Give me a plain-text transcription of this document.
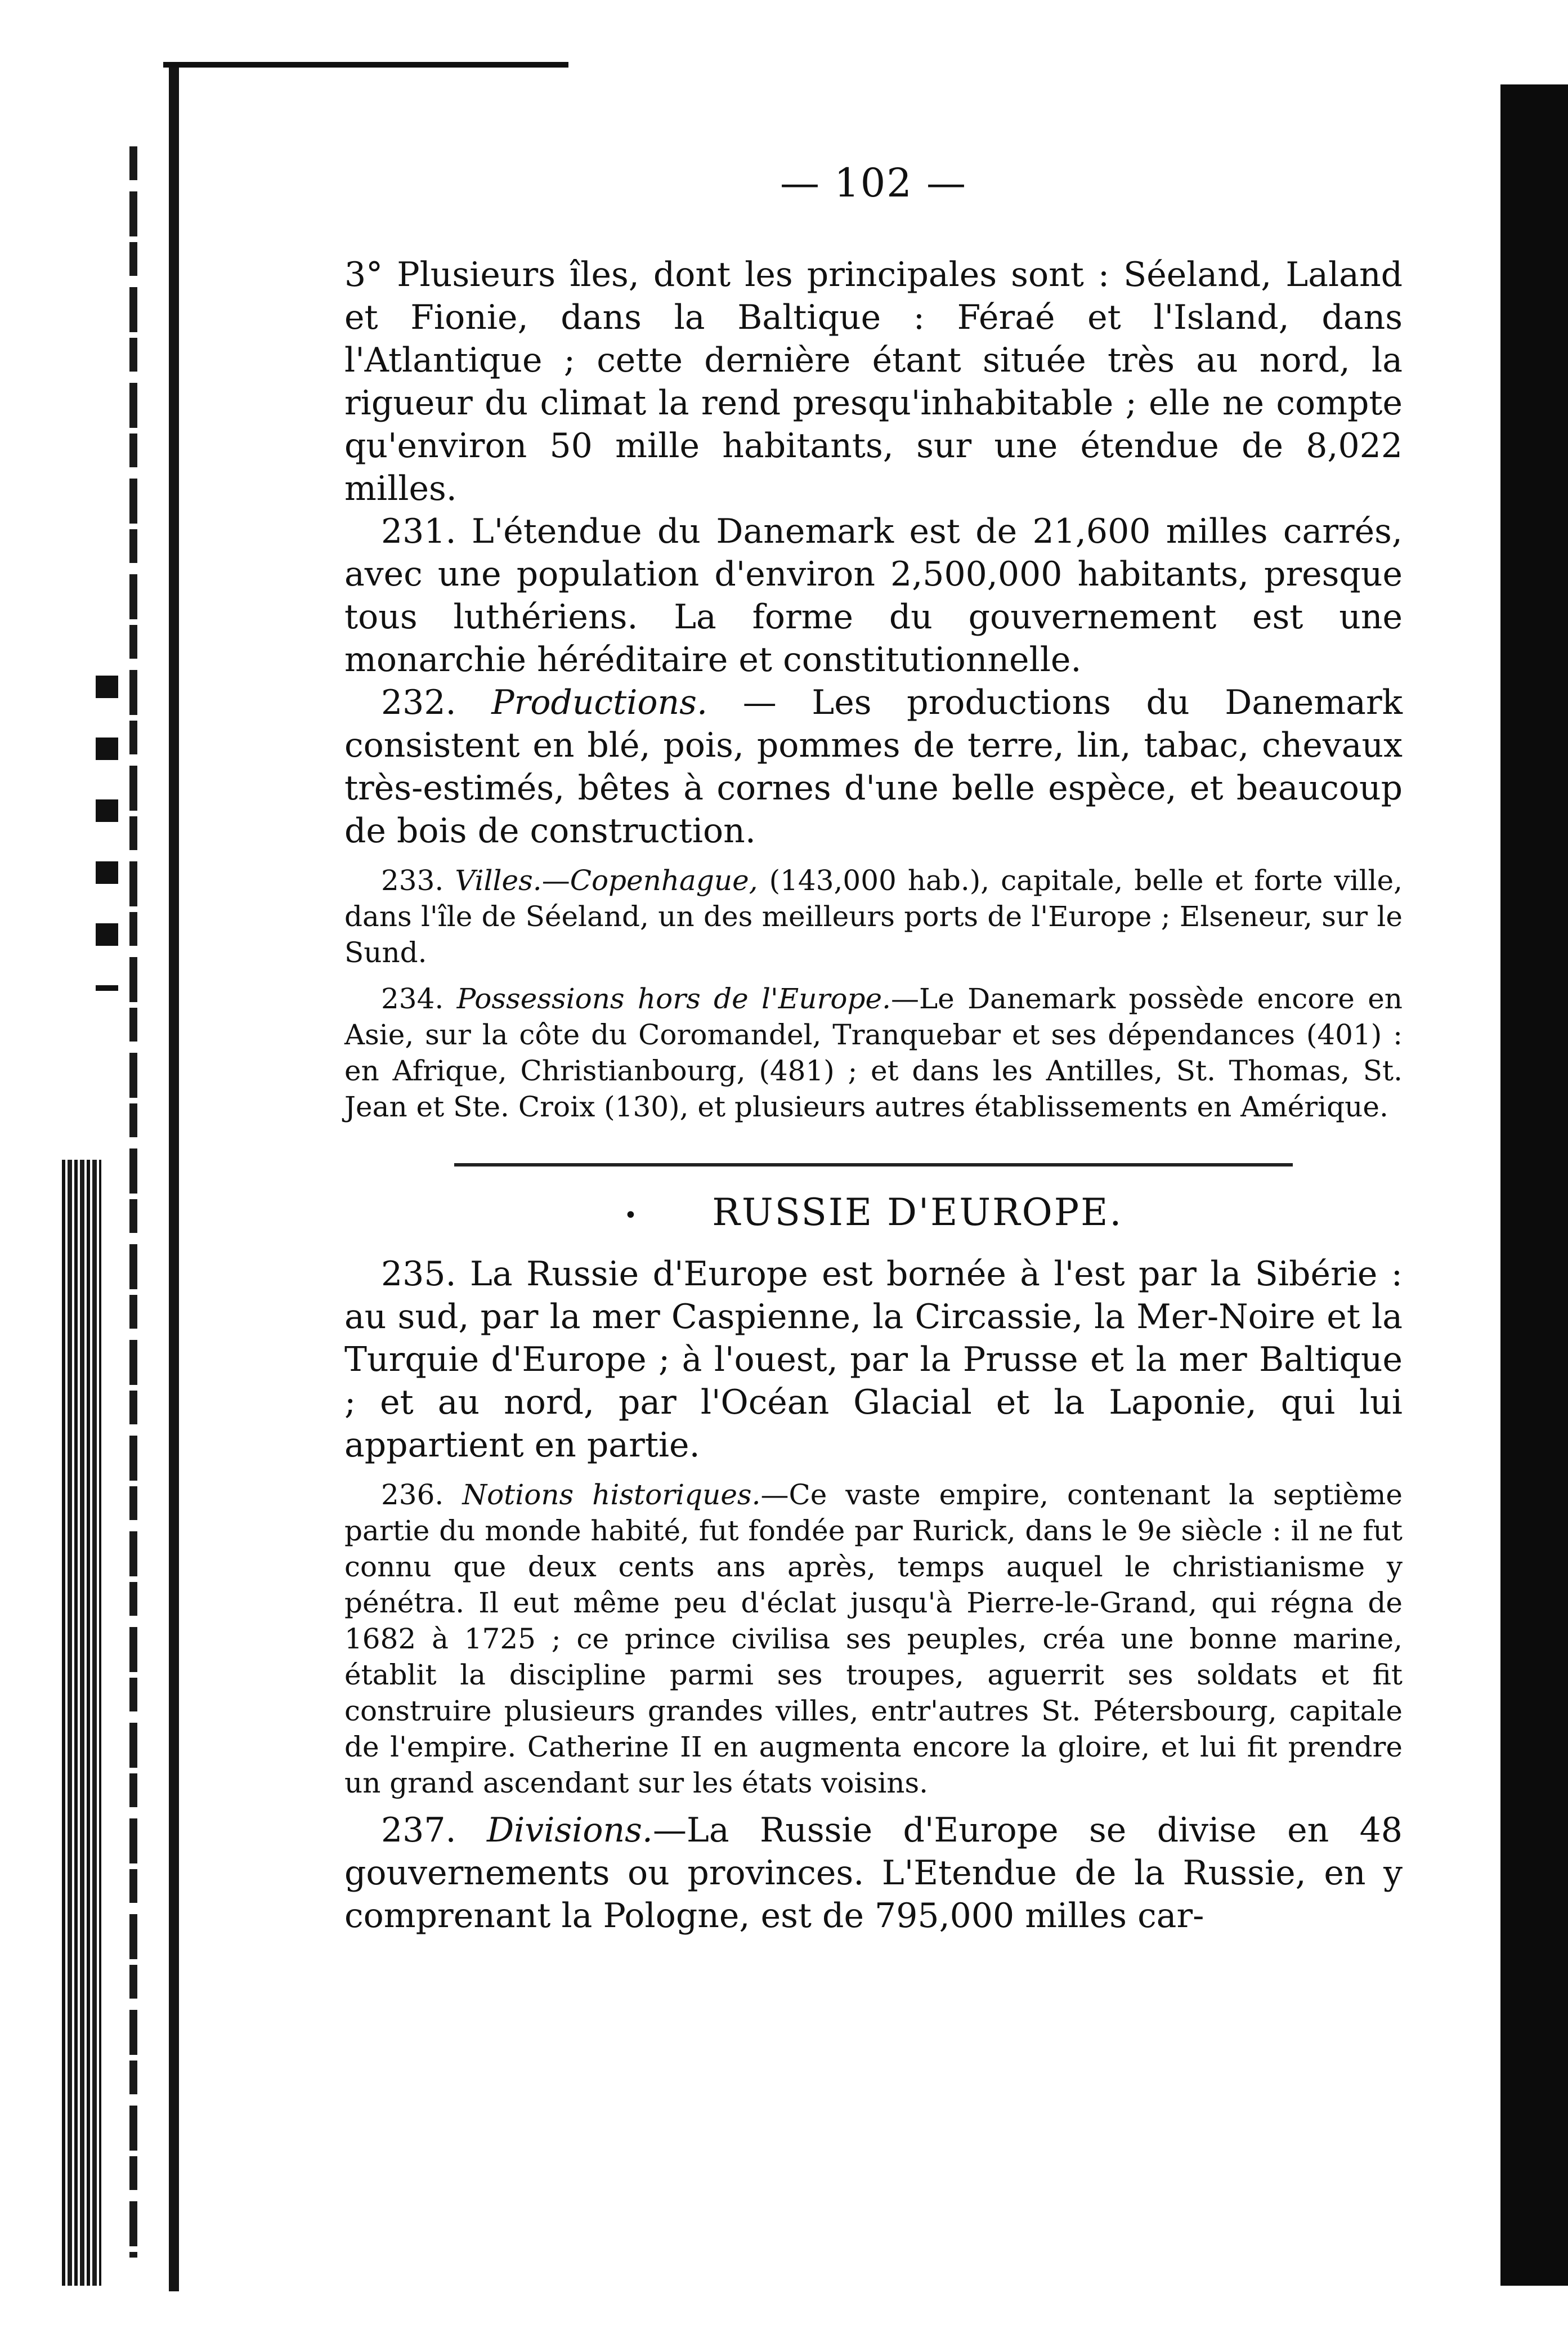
— 102 —

3° Plusieurs îles, dont les principales sont : Séeland, Laland et Fionie, dans la Baltique : Féraé et l'Island, dans l'Atlantique ; cette dernière étant située très au nord, la rigueur du climat la rend presqu'inhabitable ; elle ne compte qu'environ 50 mille habitants, sur une étendue de 8,022 milles.

231. L'étendue du Danemark est de 21,600 milles carrés, avec une population d'environ 2,500,000 habitants, presque tous luthériens. La forme du gouvernement est une monarchie héréditaire et constitutionnelle.

232. Productions. — Les productions du Danemark consistent en blé, pois, pommes de terre, lin, tabac, chevaux très-estimés, bêtes à cornes d'une belle espèce, et beaucoup de bois de construction.

233. Villes.—Copenhague, (143,000 hab.), capitale, belle et forte ville, dans l'île de Séeland, un des meilleurs ports de l'Europe ; Elseneur, sur le Sund.

234. Possessions hors de l'Europe.—Le Danemark possède encore en Asie, sur la côte du Coromandel, Tranquebar et ses dépendances (401) : en Afrique, Christianbourg, (481) ; et dans les Antilles, St. Thomas, St. Jean et Ste. Croix (130), et plusieurs autres établissements en Amérique.

• RUSSIE D'EUROPE.

235. La Russie d'Europe est bornée à l'est par la Sibérie : au sud, par la mer Caspienne, la Circassie, la Mer-Noire et la Turquie d'Europe ; à l'ouest, par la Prusse et la mer Baltique ; et au nord, par l'Océan Glacial et la Laponie, qui lui appartient en partie.

236. Notions historiques.—Ce vaste empire, contenant la septième partie du monde habité, fut fondée par Rurick, dans le 9e siècle : il ne fut connu que deux cents ans après, temps auquel le christianisme y pénétra. Il eut même peu d'éclat jusqu'à Pierre-le-Grand, qui régna de 1682 à 1725 ; ce prince civilisa ses peuples, créa une bonne marine, établit la discipline parmi ses troupes, aguerrit ses soldats et fit construire plusieurs grandes villes, entr'autres St. Pétersbourg, capitale de l'empire. Catherine II en augmenta encore la gloire, et lui fit prendre un grand ascendant sur les états voisins.

237. Divisions.—La Russie d'Europe se divise en 48 gouvernements ou provinces. L'Etendue de la Russie, en y comprenant la Pologne, est de 795,000 milles car-
